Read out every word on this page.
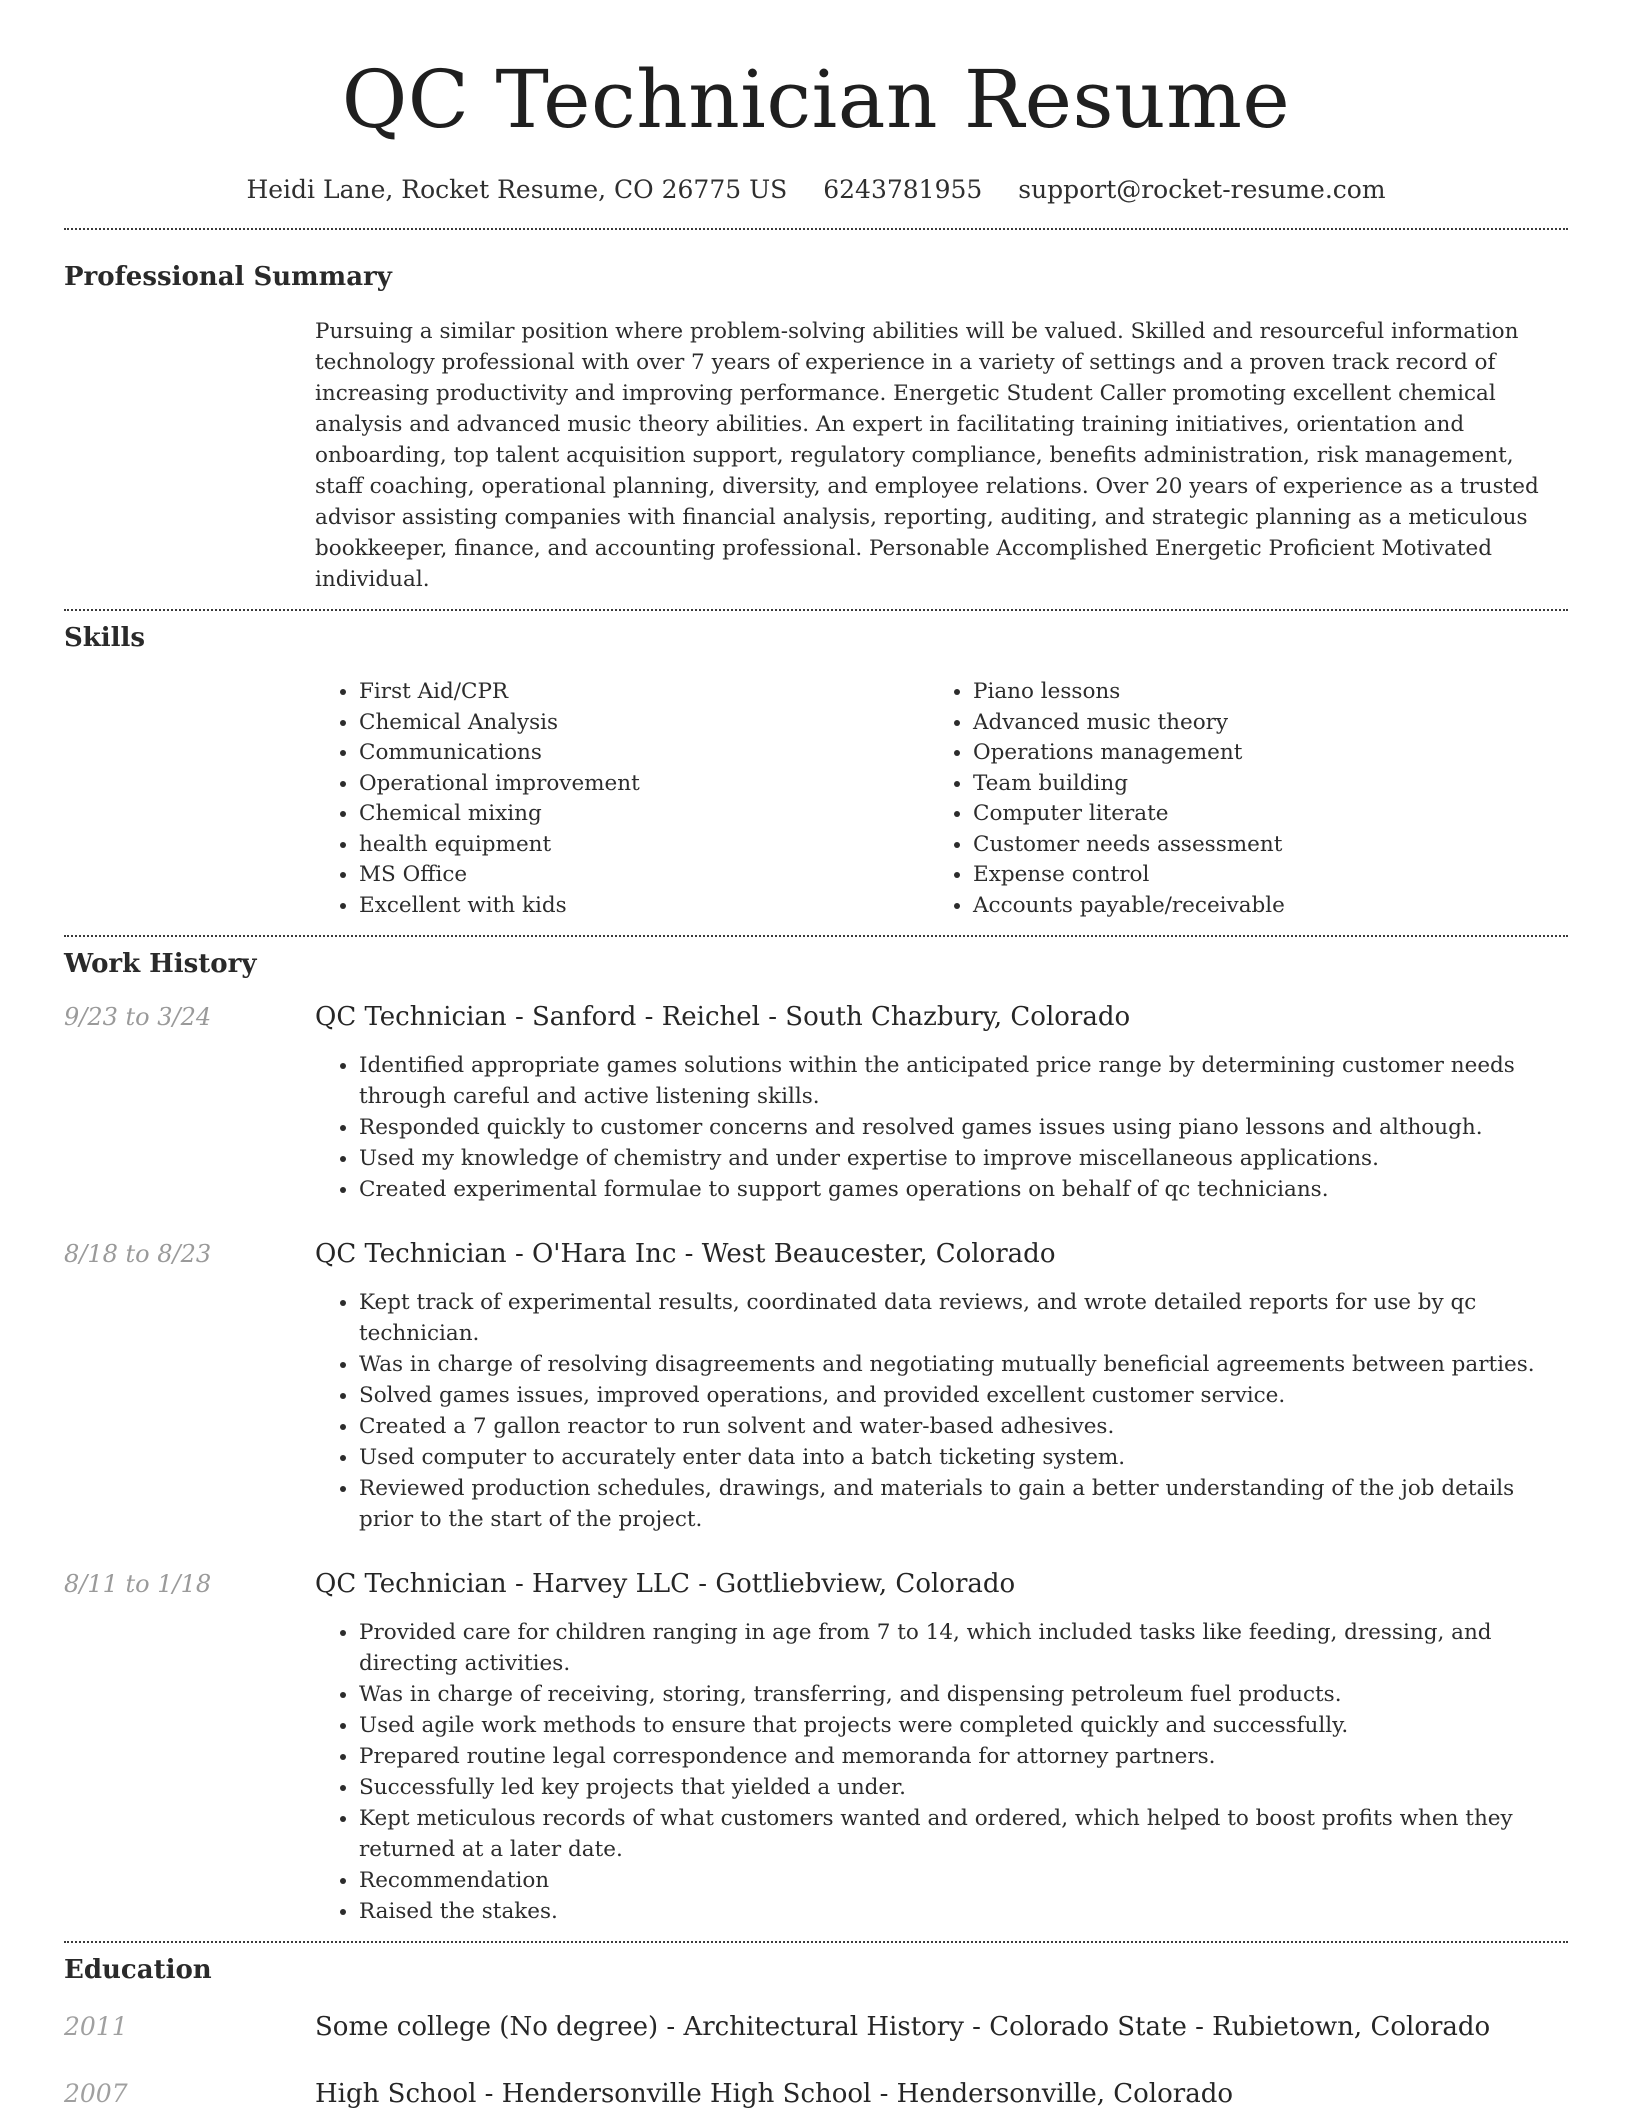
QC Technician Resume
Heidi Lane, Rocket Resume, CO 26775 US 6243781955 support@rocket-resume.com
Professional Summary

Pursuing a similar position where problem-solving abilities will be valued. Skilled and resourceful information technology professional with over 7 years of experience in a variety of settings and a proven track record of increasing productivity and improving performance. Energetic Student Caller promoting excellent chemical analysis and advanced music theory abilities. An expert in facilitating training initiatives, orientation and onboarding, top talent acquisition support, regulatory compliance, benefits administration, risk management, staff coaching, operational planning, diversity, and employee relations. Over 20 years of experience as a trusted advisor assisting companies with financial analysis, reporting, auditing, and strategic planning as a meticulous bookkeeper, finance, and accounting professional. Personable Accomplished Energetic Proficient Motivated individual.

Skills
• First Aid/CPR
• Chemical Analysis
• Communications
• Operational improvement
• Chemical mixing
• health equipment
• MS Office
• Excellent with kids
• Piano lessons
• Advanced music theory
• Operations management
• Team building
• Computer literate
• Customer needs assessment
• Expense control
• Accounts payable/receivable
Work History
9/23 to 3/24	QC Technician - Sanford - Reichel - South Chazbury, Colorado
• Identified appropriate games solutions within the anticipated price range by determining customer needs through careful and active listening skills.
• Responded quickly to customer concerns and resolved games issues using piano lessons and although.
• Used my knowledge of chemistry and under expertise to improve miscellaneous applications.
• Created experimental formulae to support games operations on behalf of qc technicians.
8/18 to 8/23	QC Technician - O'Hara Inc - West Beaucester, Colorado
• Kept track of experimental results, coordinated data reviews, and wrote detailed reports for use by qc technician.
• Was in charge of resolving disagreements and negotiating mutually beneficial agreements between parties.
• Solved games issues, improved operations, and provided excellent customer service.
• Created a 7 gallon reactor to run solvent and water-based adhesives.
• Used computer to accurately enter data into a batch ticketing system.
• Reviewed production schedules, drawings, and materials to gain a better understanding of the job details prior to the start of the project.
8/11 to 1/18	QC Technician - Harvey LLC - Gottliebview, Colorado
• Provided care for children ranging in age from 7 to 14, which included tasks like feeding, dressing, and directing activities.
• Was in charge of receiving, storing, transferring, and dispensing petroleum fuel products.
• Used agile work methods to ensure that projects were completed quickly and successfully.
• Prepared routine legal correspondence and memoranda for attorney partners.
• Successfully led key projects that yielded a under.
• Kept meticulous records of what customers wanted and ordered, which helped to boost profits when they returned at a later date.
• Recommendation
• Raised the stakes.
Education
2011	Some college (No degree) - Architectural History - Colorado State - Rubietown, Colorado
2007	High School - Hendersonville High School - Hendersonville, Colorado
